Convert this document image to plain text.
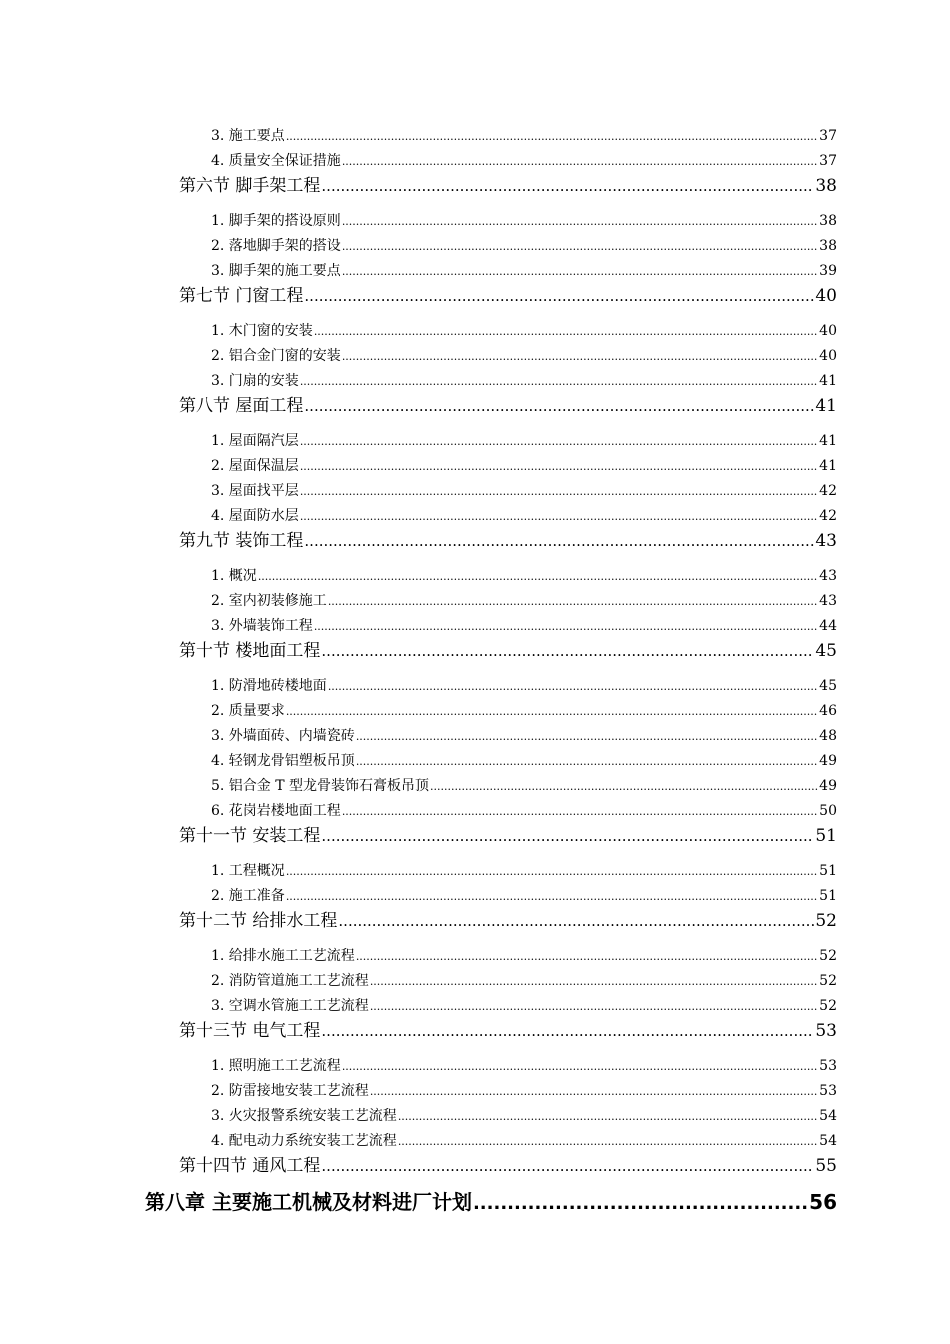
3. 施工要点 .....	37
4. 质量安全保证措施 .....	37
第六节 脚手架工程 .....	38
1. 脚手架的搭设原则 .....	38
2. 落地脚手架的搭设 .....	38
3. 脚手架的施工要点 .....	39
第七节 门窗工程 .....	40
1. 木门窗的安装 .....	40
2. 铝合金门窗的安装 .....	40
3. 门扇的安装 .....	41
第八节 屋面工程 .....	41
1. 屋面隔汽层 .....	41
2. 屋面保温层 .....	41
3. 屋面找平层 .....	42
4. 屋面防水层 .....	42
第九节 装饰工程 .....	43
1. 概况 .....	43
2. 室内初装修施工 .....	43
3. 外墙装饰工程 .....	44
第十节 楼地面工程 .....	45
1. 防滑地砖楼地面 .....	45
2. 质量要求 .....	46
3. 外墙面砖、内墙瓷砖 .....	48
4. 轻钢龙骨铝塑板吊顶 .....	49
5. 铝合金 T 型龙骨装饰石膏板吊顶 .....	49
6. 花岗岩楼地面工程 .....	50
第十一节 安装工程 .....	51
1. 工程概况 .....	51
2. 施工准备 .....	51
第十二节 给排水工程 .....	52
1. 给排水施工工艺流程 .....	52
2. 消防管道施工工艺流程 .....	52
3. 空调水管施工工艺流程 .....	52
第十三节 电气工程 .....	53
1. 照明施工工艺流程 .....	53
2. 防雷接地安装工艺流程 .....	53
3. 火灾报警系统安装工艺流程 .....	54
4. 配电动力系统安装工艺流程 .....	54
第十四节 通风工程 .....	55
第八章 主要施工机械及材料进厂计划 .....	56
